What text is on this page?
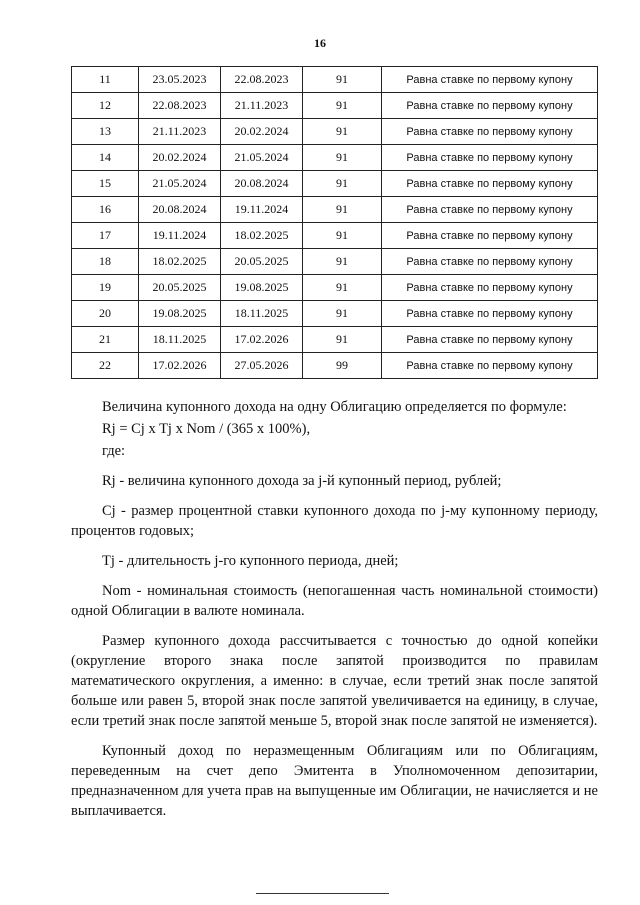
16
11	23.05.2023	22.08.2023	91	Равна ставке по первому купону
12	22.08.2023	21.11.2023	91	Равна ставке по первому купону
13	21.11.2023	20.02.2024	91	Равна ставке по первому купону
14	20.02.2024	21.05.2024	91	Равна ставке по первому купону
15	21.05.2024	20.08.2024	91	Равна ставке по первому купону
16	20.08.2024	19.11.2024	91	Равна ставке по первому купону
17	19.11.2024	18.02.2025	91	Равна ставке по первому купону
18	18.02.2025	20.05.2025	91	Равна ставке по первому купону
19	20.05.2025	19.08.2025	91	Равна ставке по первому купону
20	19.08.2025	18.11.2025	91	Равна ставке по первому купону
21	18.11.2025	17.02.2026	91	Равна ставке по первому купону
22	17.02.2026	27.05.2026	99	Равна ставке по первому купону

Величина купонного дохода на одну Облигацию определяется по формуле:

Rj = Cj x Tj x Nom / (365 x 100%),

где:

Rj - величина купонного дохода за j-й купонный период, рублей;

Cj - размер процентной ставки купонного дохода по j-му купонному периоду, процентов годовых;

Tj - длительность j-го купонного периода, дней;

Nom - номинальная стоимость (непогашенная часть номинальной стоимости) одной Облигации в валюте номинала.

Размер купонного дохода рассчитывается с точностью до одной копейки (округление второго знака после запятой производится по правилам математического округления, а именно: в случае, если третий знак после запятой больше или равен 5, второй знак после запятой увеличивается на единицу, в случае, если третий знак после запятой меньше 5, второй знак после запятой не изменяется).

Купонный доход по неразмещенным Облигациям или по Облигациям, переведенным на счет депо Эмитента в Уполномоченном депозитарии, предназначенном для учета прав на выпущенные им Облигации, не начисляется и не выплачивается.
